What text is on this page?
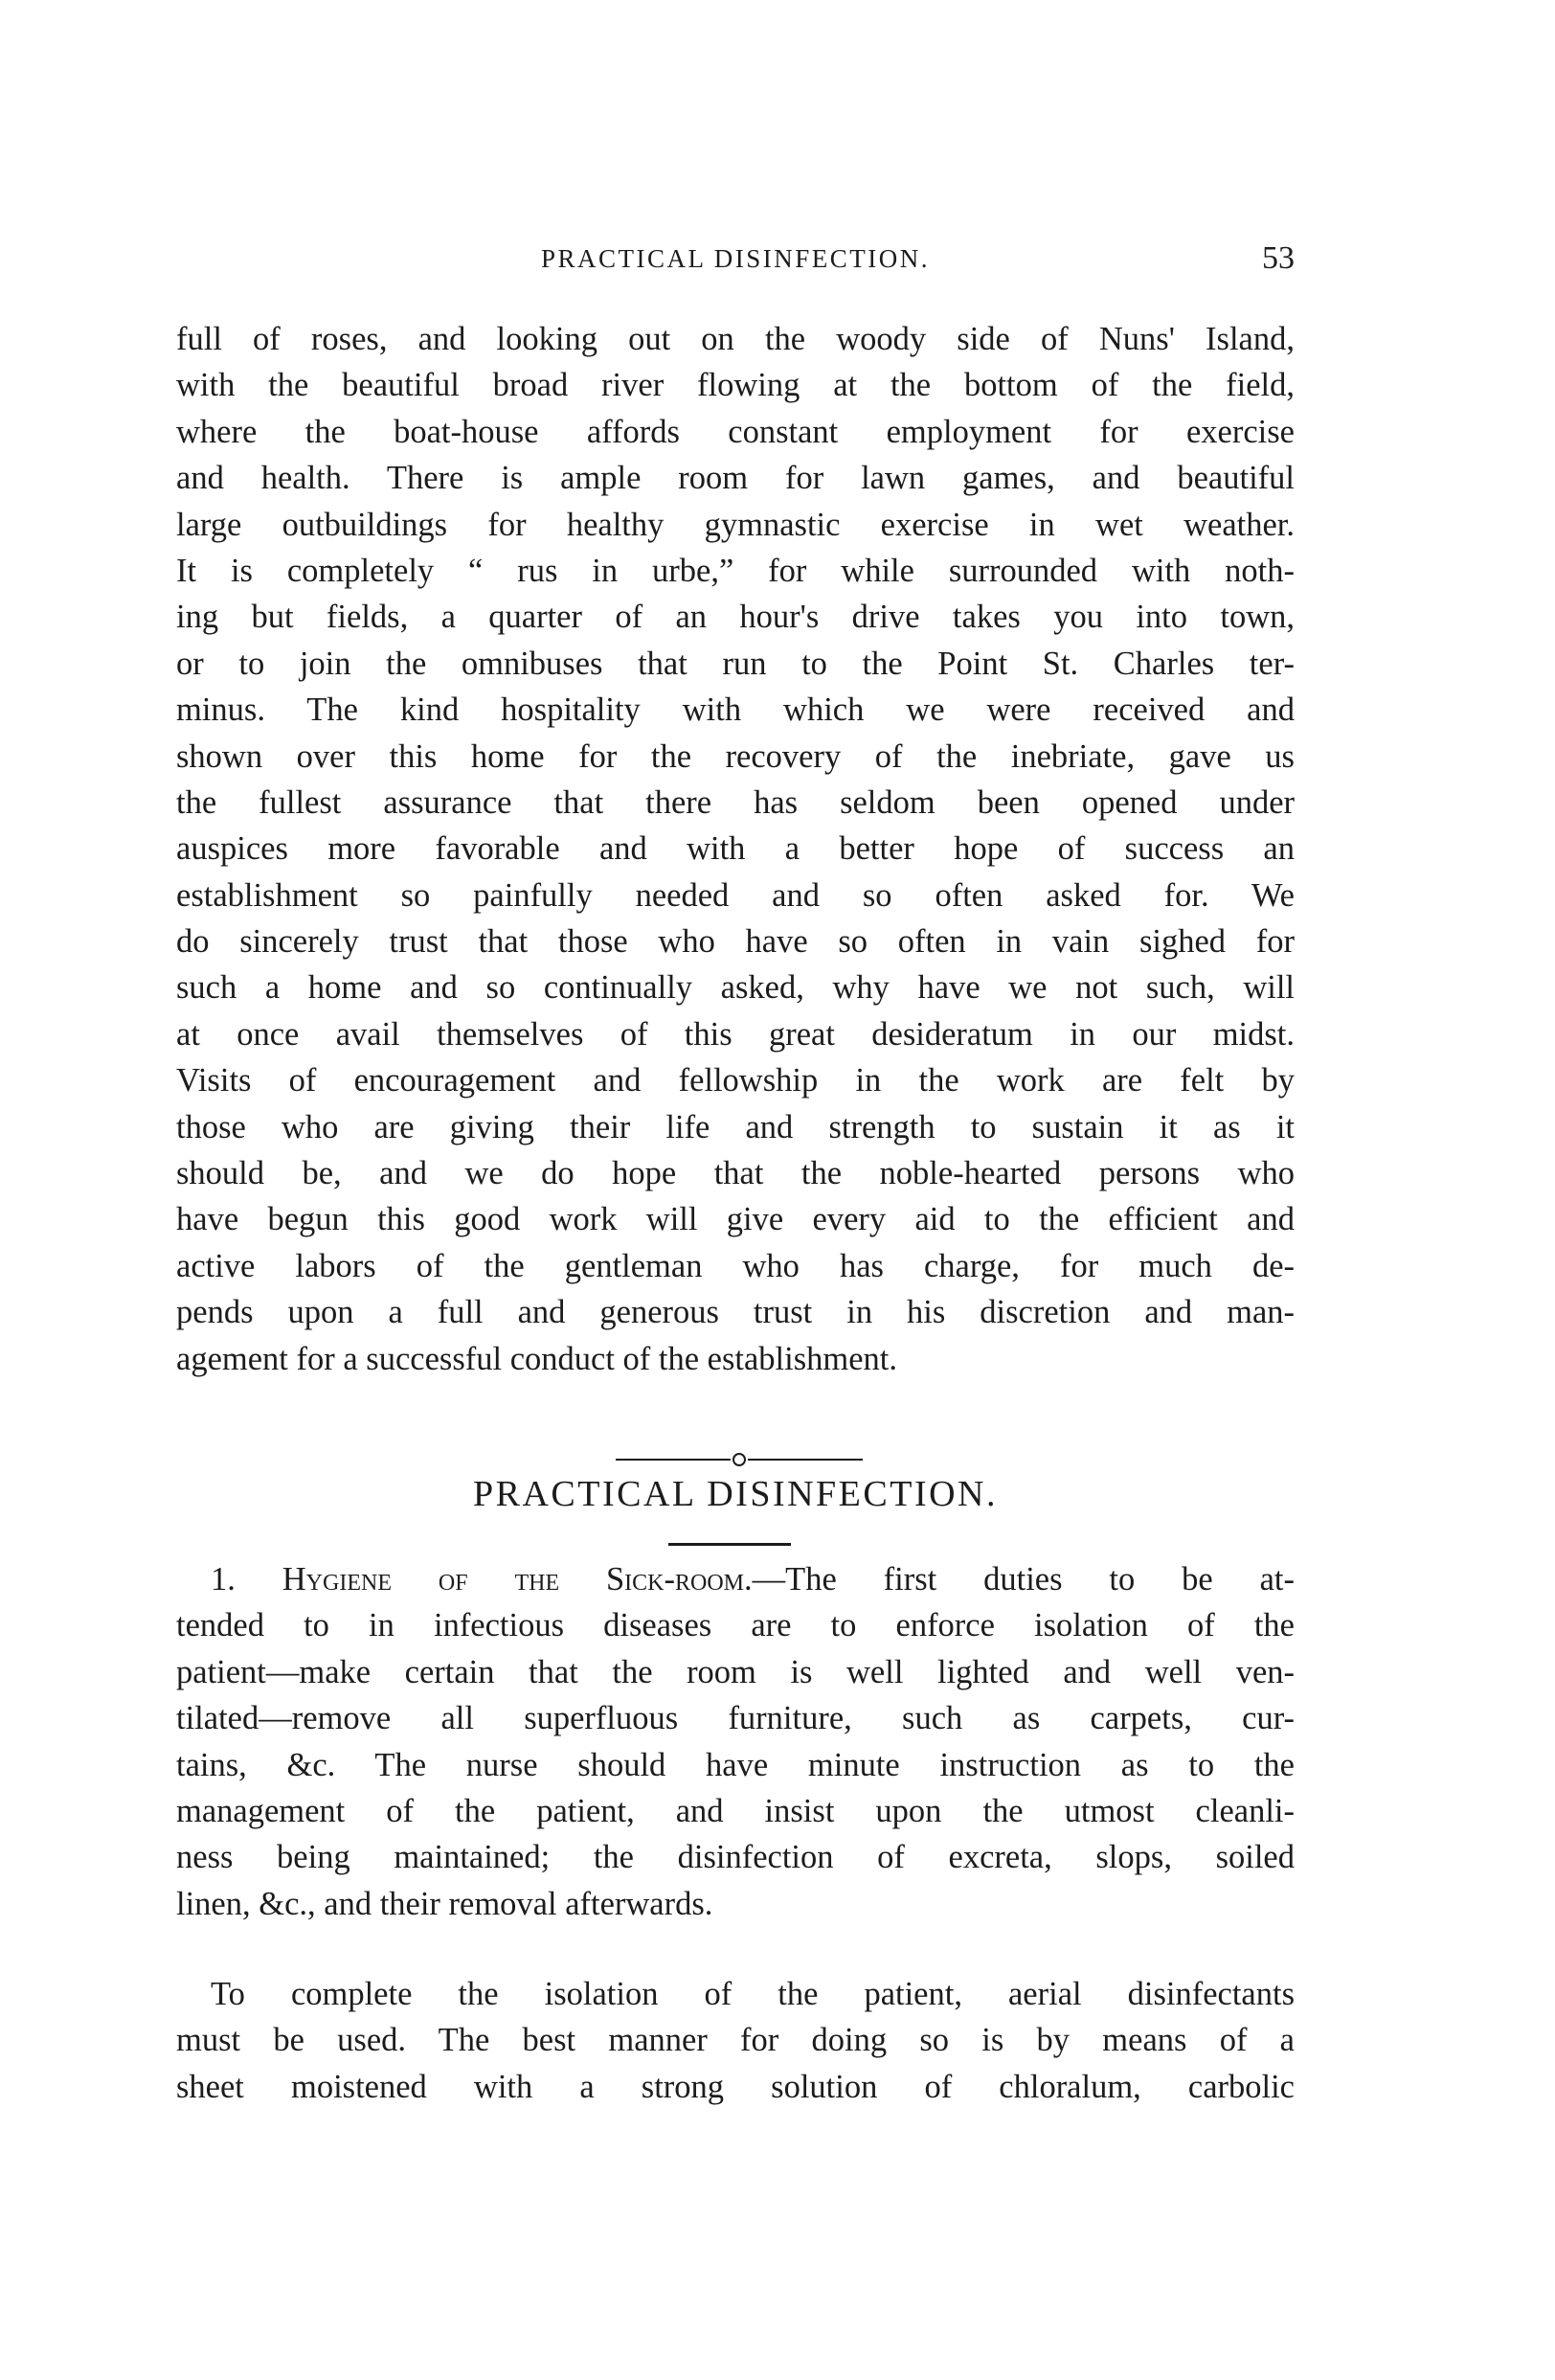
PRACTICAL DISINFECTION.	53
full of roses, and looking out on the woody side of Nuns' Island,
with the beautiful broad river flowing at the bottom of the field,
where the boat-house affords constant employment for exercise
and health. There is ample room for lawn games, and beautiful
large outbuildings for healthy gymnastic exercise in wet weather.
It is completely “ rus in urbe,” for while surrounded with noth-
ing but fields, a quarter of an hour's drive takes you into town,
or to join the omnibuses that run to the Point St. Charles ter-
minus. The kind hospitality with which we were received and
shown over this home for the recovery of the inebriate, gave us
the fullest assurance that there has seldom been opened under
auspices more favorable and with a better hope of success an
establishment so painfully needed and so often asked for. We
do sincerely trust that those who have so often in vain sighed for
such a home and so continually asked, why have we not such, will
at once avail themselves of this great desideratum in our midst.
Visits of encouragement and fellowship in the work are felt by
those who are giving their life and strength to sustain it as it
should be, and we do hope that the noble-hearted persons who
have begun this good work will give every aid to the efficient and
active labors of the gentleman who has charge, for much de-
pends upon a full and generous trust in his discretion and man-
agement for a successful conduct of the establishment.
PRACTICAL DISINFECTION.
1. Hygiene of the Sick-room.—The first duties to be at-
tended to in infectious diseases are to enforce isolation of the
patient—make certain that the room is well lighted and well ven-
tilated—remove all superfluous furniture, such as carpets, cur-
tains, &c. The nurse should have minute instruction as to the
management of the patient, and insist upon the utmost cleanli-
ness being maintained; the disinfection of excreta, slops, soiled
linen, &c., and their removal afterwards.
To complete the isolation of the patient, aerial disinfectants
must be used. The best manner for doing so is by means of a
sheet moistened with a strong solution of chloralum, carbolic
